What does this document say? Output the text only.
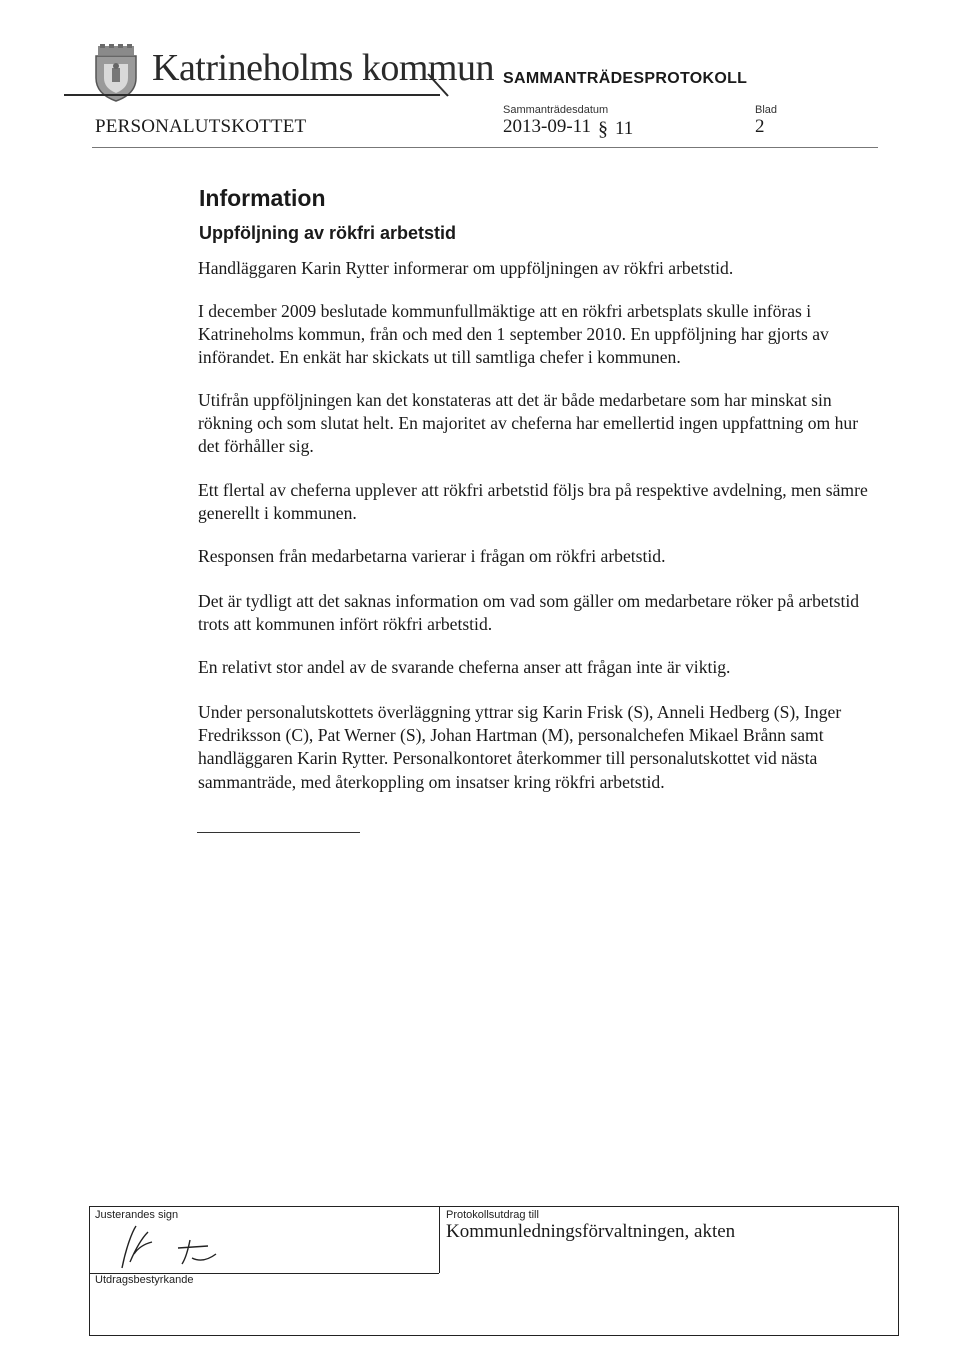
Katrineholms kommun SAMMANTRÄDESPROTOKOLL
Sammanträdesdatum	Blad
PERSONALUTSKOTTET	2013-09-11 § 11	2
Information
Uppföljning av rökfri arbetstid
Handläggaren Karin Rytter informerar om uppföljningen av rökfri arbetstid.
I december 2009 beslutade kommunfullmäktige att en rökfri arbetsplats skulle införas i Katrineholms kommun, från och med den 1 september 2010. En uppföljning har gjorts av införandet. En enkät har skickats ut till samtliga chefer i kommunen.
Utifrån uppföljningen kan det konstateras att det är både medarbetare som har minskat sin rökning och som slutat helt. En majoritet av cheferna har emellertid ingen uppfattning om hur det förhåller sig.
Ett flertal av cheferna upplever att rökfri arbetstid följs bra på respektive avdelning, men sämre generellt i kommunen.
Responsen från medarbetarna varierar i frågan om rökfri arbetstid.
Det är tydligt att det saknas information om vad som gäller om medarbetare röker på arbetstid trots att kommunen infört rökfri arbetstid.
En relativt stor andel av de svarande cheferna anser att frågan inte är viktig.
Under personalutskottets överläggning yttrar sig Karin Frisk (S), Anneli Hedberg (S), Inger Fredriksson (C), Pat Werner (S), Johan Hartman (M), personalchefen Mikael Brånn samt handläggaren Karin Rytter. Personalkontoret återkommer till personalutskottet vid nästa sammanträde, med återkoppling om insatser kring rökfri arbetstid.
Justerandes sign
Utdragsbestyrkande
Protokollsutdrag till
Kommunledningsförvaltningen, akten
